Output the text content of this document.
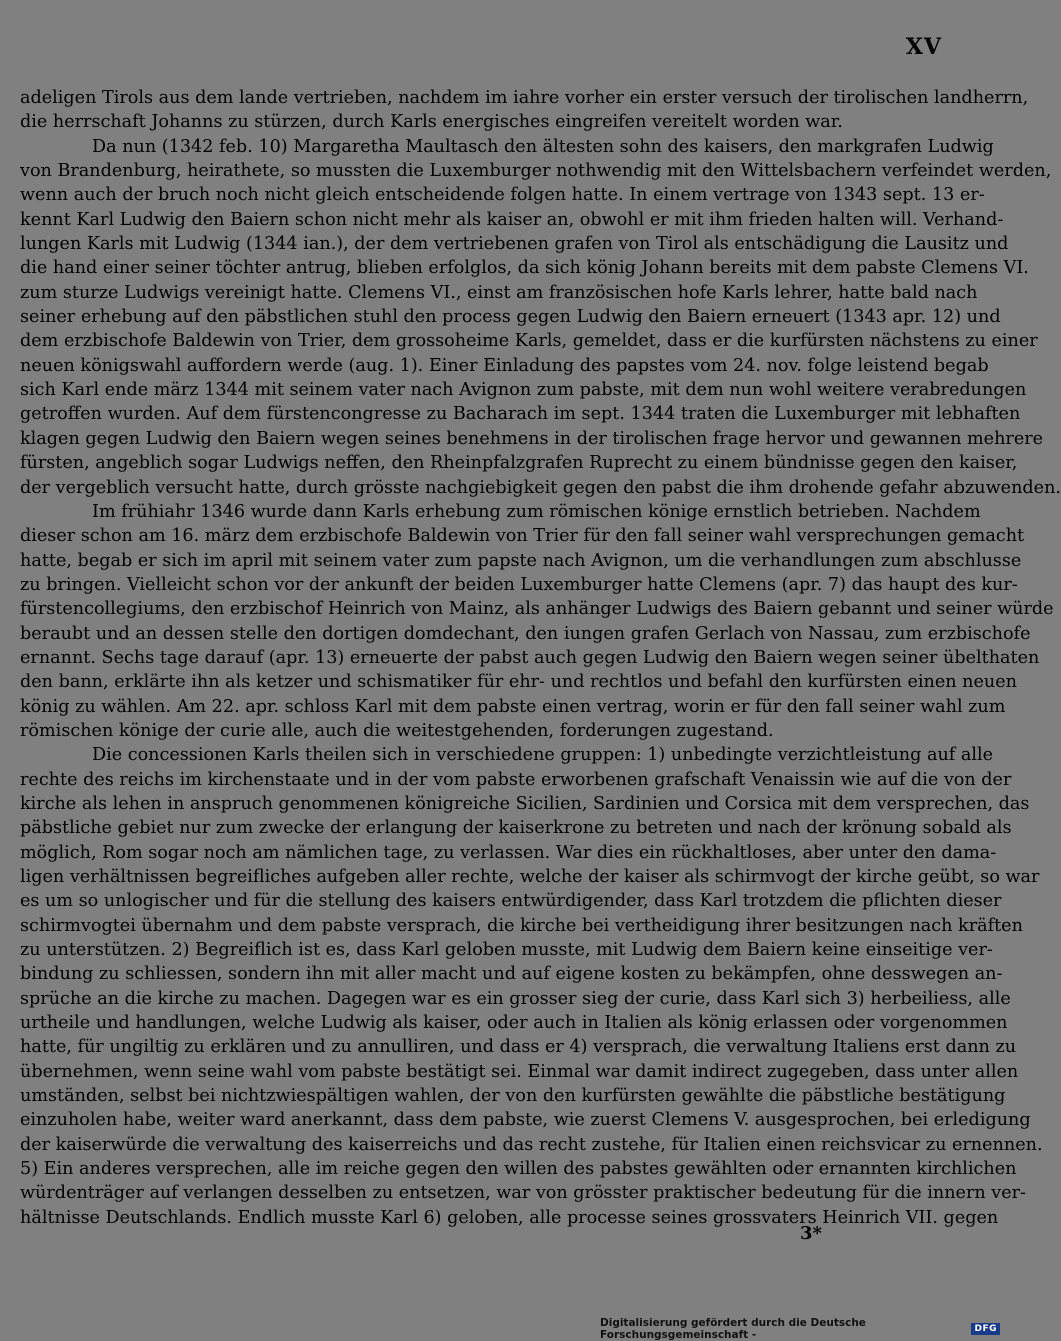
XV
adeligen Tirols aus dem lande vertrieben, nachdem im iahre vorher ein erster versuch der tirolischen landherrn,
die herrschaft Johanns zu stürzen, durch Karls energisches eingreifen vereitelt worden war.
Da nun (1342 feb. 10) Margaretha Maultasch den ältesten sohn des kaisers, den markgrafen Ludwig
von Brandenburg, heirathete, so mussten die Luxemburger nothwendig mit den Wittelsbachern verfeindet werden,
wenn auch der bruch noch nicht gleich entscheidende folgen hatte. In einem vertrage von 1343 sept. 13 er-
kennt Karl Ludwig den Baiern schon nicht mehr als kaiser an, obwohl er mit ihm frieden halten will. Verhand-
lungen Karls mit Ludwig (1344 ian.), der dem vertriebenen grafen von Tirol als entschädigung die Lausitz und
die hand einer seiner töchter antrug, blieben erfolglos, da sich könig Johann bereits mit dem pabste Clemens VI.
zum sturze Ludwigs vereinigt hatte. Clemens VI., einst am französischen hofe Karls lehrer, hatte bald nach
seiner erhebung auf den päbstlichen stuhl den process gegen Ludwig den Baiern erneuert (1343 apr. 12) und
dem erzbischofe Baldewin von Trier, dem grossoheime Karls, gemeldet, dass er die kurfürsten nächstens zu einer
neuen königswahl auffordern werde (aug. 1). Einer Einladung des papstes vom 24. nov. folge leistend begab
sich Karl ende märz 1344 mit seinem vater nach Avignon zum pabste, mit dem nun wohl weitere verabredungen
getroffen wurden. Auf dem fürstencongresse zu Bacharach im sept. 1344 traten die Luxemburger mit lebhaften
klagen gegen Ludwig den Baiern wegen seines benehmens in der tirolischen frage hervor und gewannen mehrere
fürsten, angeblich sogar Ludwigs neffen, den Rheinpfalzgrafen Ruprecht zu einem bündnisse gegen den kaiser,
der vergeblich versucht hatte, durch grösste nachgiebigkeit gegen den pabst die ihm drohende gefahr abzuwenden.
Im frühiahr 1346 wurde dann Karls erhebung zum römischen könige ernstlich betrieben. Nachdem
dieser schon am 16. märz dem erzbischofe Baldewin von Trier für den fall seiner wahl versprechungen gemacht
hatte, begab er sich im april mit seinem vater zum papste nach Avignon, um die verhandlungen zum abschlusse
zu bringen. Vielleicht schon vor der ankunft der beiden Luxemburger hatte Clemens (apr. 7) das haupt des kur-
fürstencollegiums, den erzbischof Heinrich von Mainz, als anhänger Ludwigs des Baiern gebannt und seiner würde
beraubt und an dessen stelle den dortigen domdechant, den iungen grafen Gerlach von Nassau, zum erzbischofe
ernannt. Sechs tage darauf (apr. 13) erneuerte der pabst auch gegen Ludwig den Baiern wegen seiner übelthaten
den bann, erklärte ihn als ketzer und schismatiker für ehr- und rechtlos und befahl den kurfürsten einen neuen
könig zu wählen. Am 22. apr. schloss Karl mit dem pabste einen vertrag, worin er für den fall seiner wahl zum
römischen könige der curie alle, auch die weitestgehenden, forderungen zugestand.
Die concessionen Karls theilen sich in verschiedene gruppen: 1) unbedingte verzichtleistung auf alle
rechte des reichs im kirchenstaate und in der vom pabste erworbenen grafschaft Venaissin wie auf die von der
kirche als lehen in anspruch genommenen königreiche Sicilien, Sardinien und Corsica mit dem versprechen, das
päbstliche gebiet nur zum zwecke der erlangung der kaiserkrone zu betreten und nach der krönung sobald als
möglich, Rom sogar noch am nämlichen tage, zu verlassen. War dies ein rückhaltloses, aber unter den dama-
ligen verhältnissen begreifliches aufgeben aller rechte, welche der kaiser als schirmvogt der kirche geübt, so war
es um so unlogischer und für die stellung des kaisers entwürdigender, dass Karl trotzdem die pflichten dieser
schirmvogtei übernahm und dem pabste versprach, die kirche bei vertheidigung ihrer besitzungen nach kräften
zu unterstützen. 2) Begreiflich ist es, dass Karl geloben musste, mit Ludwig dem Baiern keine einseitige ver-
bindung zu schliessen, sondern ihn mit aller macht und auf eigene kosten zu bekämpfen, ohne desswegen an-
sprüche an die kirche zu machen. Dagegen war es ein grosser sieg der curie, dass Karl sich 3) herbeiliess, alle
urtheile und handlungen, welche Ludwig als kaiser, oder auch in Italien als könig erlassen oder vorgenommen
hatte, für ungiltig zu erklären und zu annulliren, und dass er 4) versprach, die verwaltung Italiens erst dann zu
übernehmen, wenn seine wahl vom pabste bestätigt sei. Einmal war damit indirect zugegeben, dass unter allen
umständen, selbst bei nichtzwiespältigen wahlen, der von den kurfürsten gewählte die päbstliche bestätigung
einzuholen habe, weiter ward anerkannt, dass dem pabste, wie zuerst Clemens V. ausgesprochen, bei erledigung
der kaiserwürde die verwaltung des kaiserreichs und das recht zustehe, für Italien einen reichsvicar zu ernennen.
5) Ein anderes versprechen, alle im reiche gegen den willen des pabstes gewählten oder ernannten kirchlichen
würdenträger auf verlangen desselben zu entsetzen, war von grösster praktischer bedeutung für die innern ver-
hältnisse Deutschlands. Endlich musste Karl 6) geloben, alle processe seines grossvaters Heinrich VII. gegen
3*
Digitalisierung gefördert durch die Deutsche Forschungsgemeinschaft -	DFG
